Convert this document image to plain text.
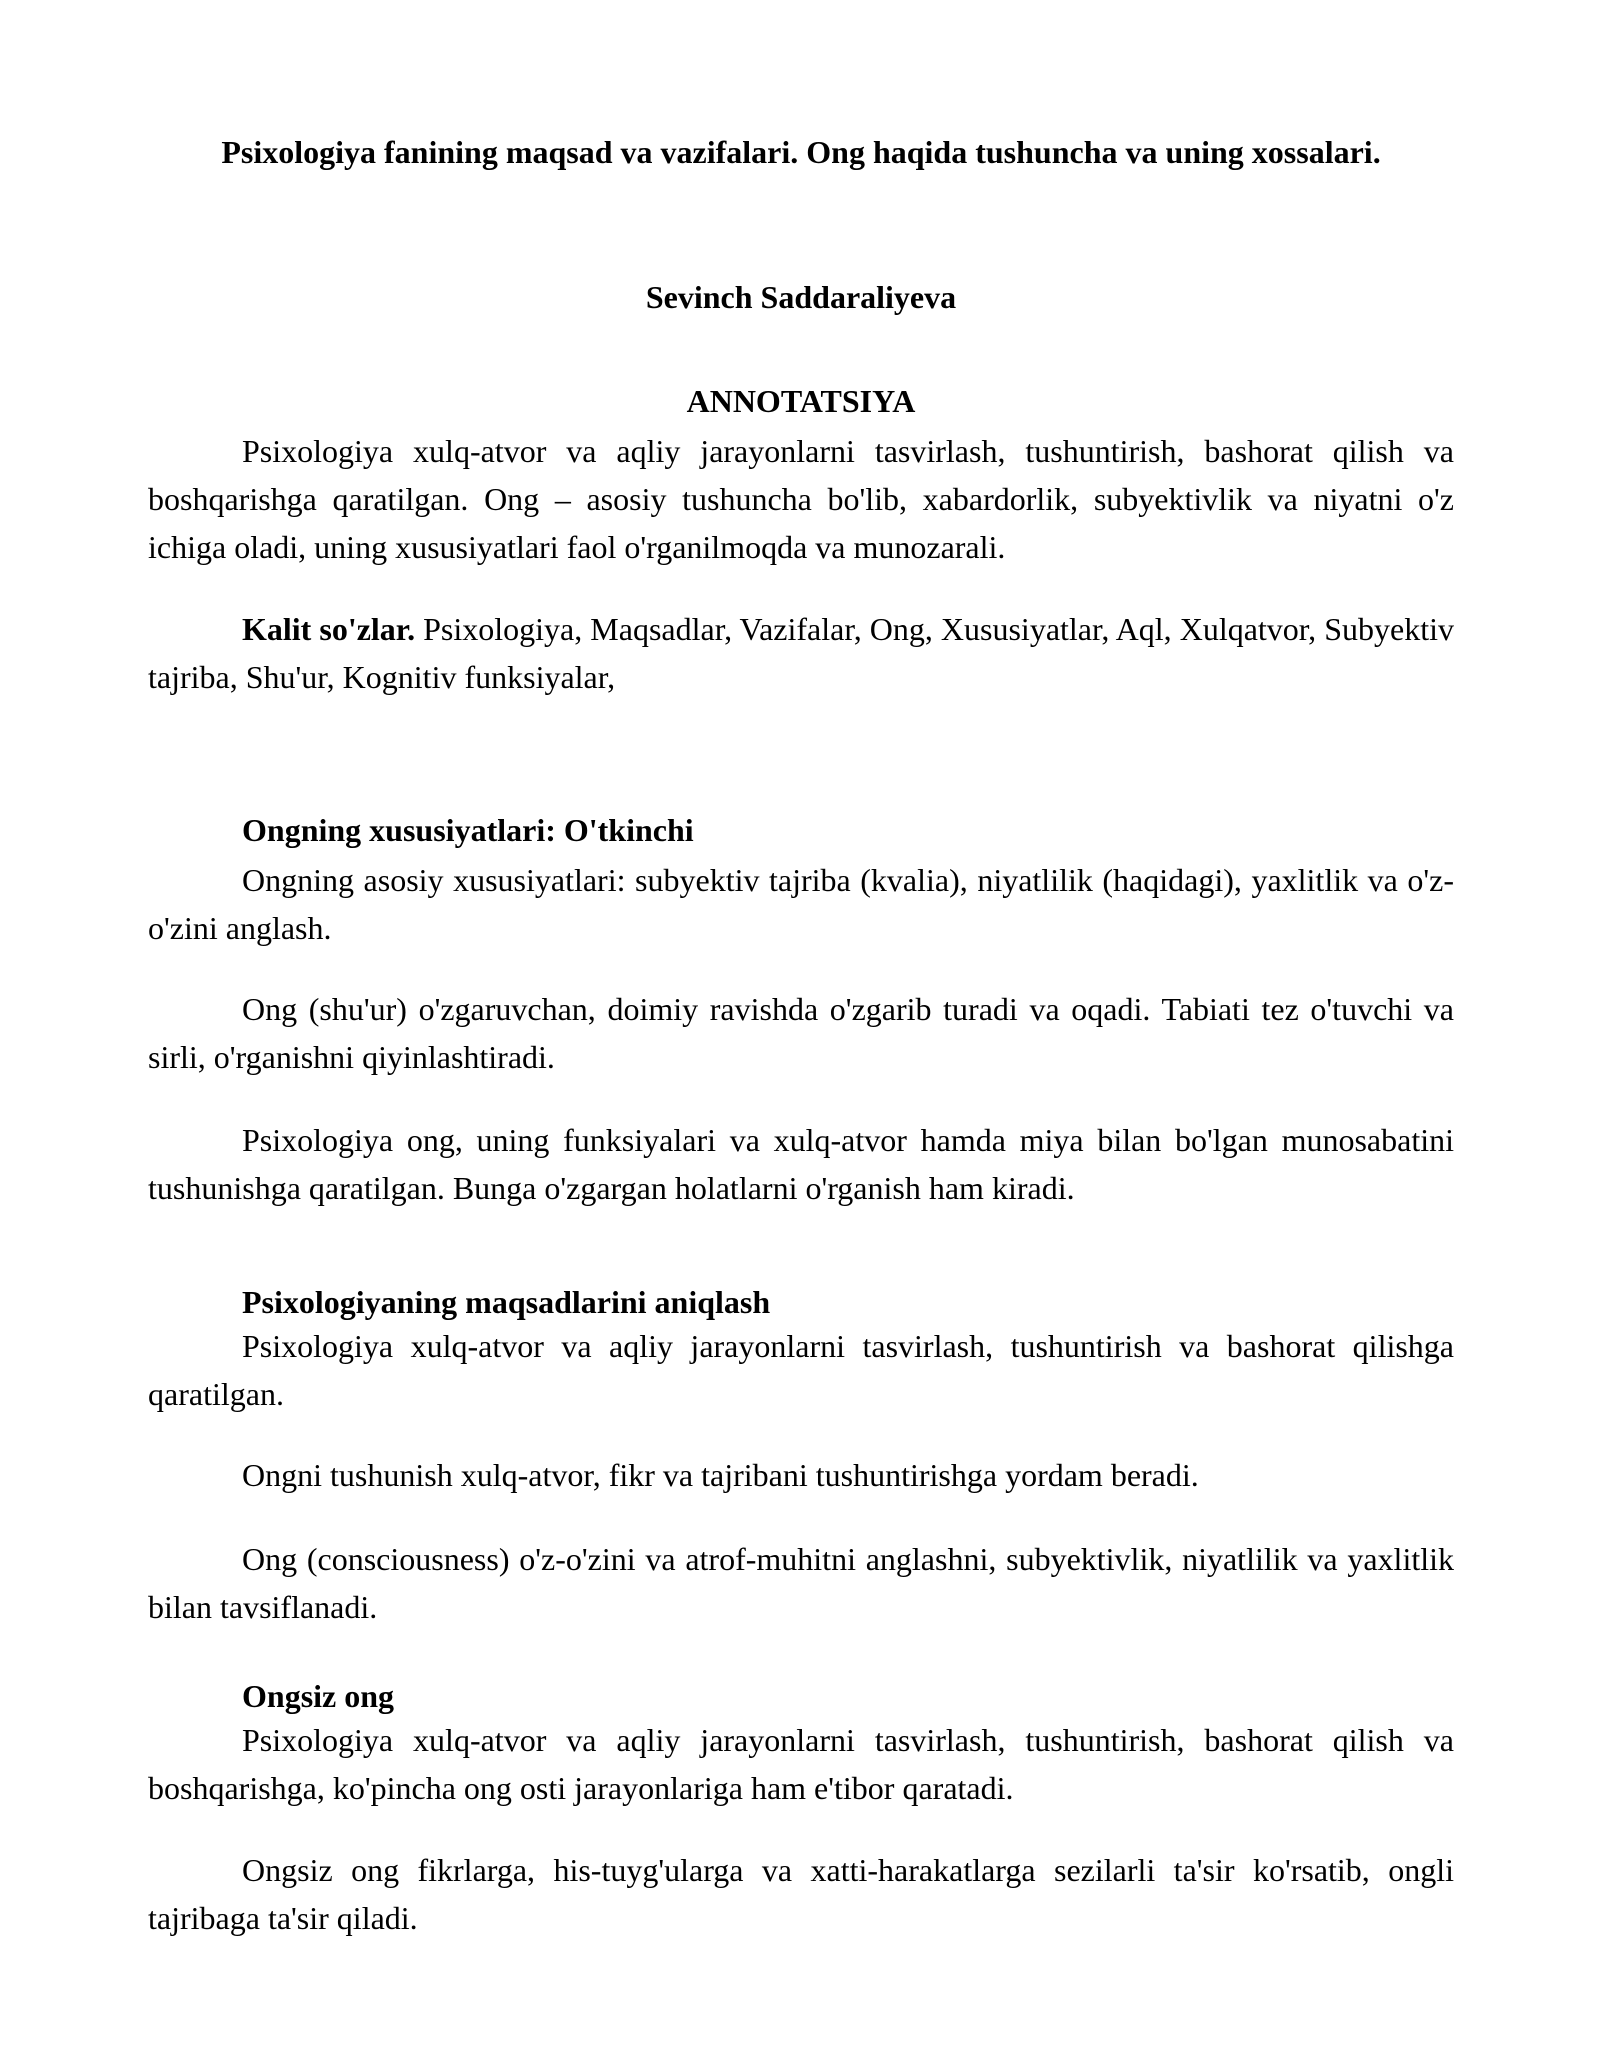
Psixologiya fanining maqsad va vazifalari. Ong haqida tushuncha va uning xossalari.
Sevinch Saddaraliyeva
ANNOTATSIYA
Psixologiya xulq-atvor va aqliy jarayonlarni tasvirlash, tushuntirish, bashorat qilish va boshqarishga qaratilgan. Ong – asosiy tushuncha bo'lib, xabardorlik, subyektivlik va niyatni o'z ichiga oladi, uning xususiyatlari faol o'rganilmoqda va munozarali.
Kalit so'zlar. Psixologiya, Maqsadlar, Vazifalar, Ong, Xususiyatlar, Aql, Xulqatvor, Subyektiv tajriba, Shu'ur, Kognitiv funksiyalar,
Ongning xususiyatlari: O'tkinchi
Ongning asosiy xususiyatlari: subyektiv tajriba (kvalia), niyatlilik (haqidagi), yaxlitlik va o'z-o'zini anglash.
Ong (shu'ur) o'zgaruvchan, doimiy ravishda o'zgarib turadi va oqadi. Tabiati tez o'tuvchi va sirli, o'rganishni qiyinlashtiradi.
Psixologiya ong, uning funksiyalari va xulq-atvor hamda miya bilan bo'lgan munosabatini tushunishga qaratilgan. Bunga o'zgargan holatlarni o'rganish ham kiradi.
Psixologiyaning maqsadlarini aniqlash
Psixologiya xulq-atvor va aqliy jarayonlarni tasvirlash, tushuntirish va bashorat qilishga qaratilgan.
Ongni tushunish xulq-atvor, fikr va tajribani tushuntirishga yordam beradi.
Ong (consciousness) o'z-o'zini va atrof-muhitni anglashni, subyektivlik, niyatlilik va yaxlitlik bilan tavsiflanadi.
Ongsiz ong
Psixologiya xulq-atvor va aqliy jarayonlarni tasvirlash, tushuntirish, bashorat qilish va boshqarishga, ko'pincha ong osti jarayonlariga ham e'tibor qaratadi.
Ongsiz ong fikrlarga, his-tuyg'ularga va xatti-harakatlarga sezilarli ta'sir ko'rsatib, ongli tajribaga ta'sir qiladi.
